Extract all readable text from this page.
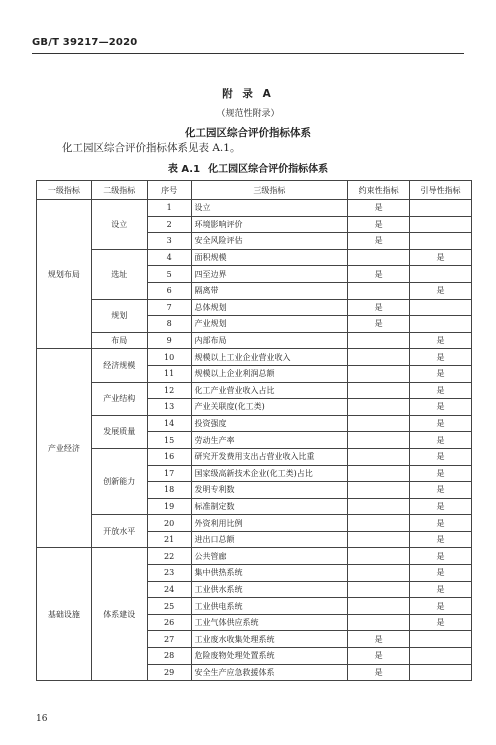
GB/T 39217—2020
附 录 A
（规范性附录）
化工园区综合评价指标体系
化工园区综合评价指标体系见表 A.1。
表 A.1 化工园区综合评价指标体系
一级指标	二级指标	序号	三级指标	约束性指标	引导性指标
规划布局	设立	1	设立	是	
		2	环境影响评价	是	
		3	安全风险评估	是	
	选址	4	面积规模		是
		5	四至边界	是	
		6	隔离带		是
	规划	7	总体规划	是	
		8	产业规划	是	
	布局	9	内部布局		是
产业经济	经济规模	10	规模以上工业企业营业收入		是
		11	规模以上企业利润总额		是
	产业结构	12	化工产业营业收入占比		是
		13	产业关联度(化工类)		是
	发展质量	14	投资强度		是
		15	劳动生产率		是
	创新能力	16	研究开发费用支出占营业收入比重		是
		17	国家级高新技术企业(化工类)占比		是
		18	发明专利数		是
		19	标准制定数		是
	开放水平	20	外资利用比例		是
		21	进出口总额		是
基础设施	体系建设	22	公共管廊		是
		23	集中供热系统		是
		24	工业供水系统		是
		25	工业供电系统		是
		26	工业气体供应系统		是
		27	工业废水收集处理系统	是	
		28	危险废物处理处置系统	是	
		29	安全生产应急救援体系	是	
16
